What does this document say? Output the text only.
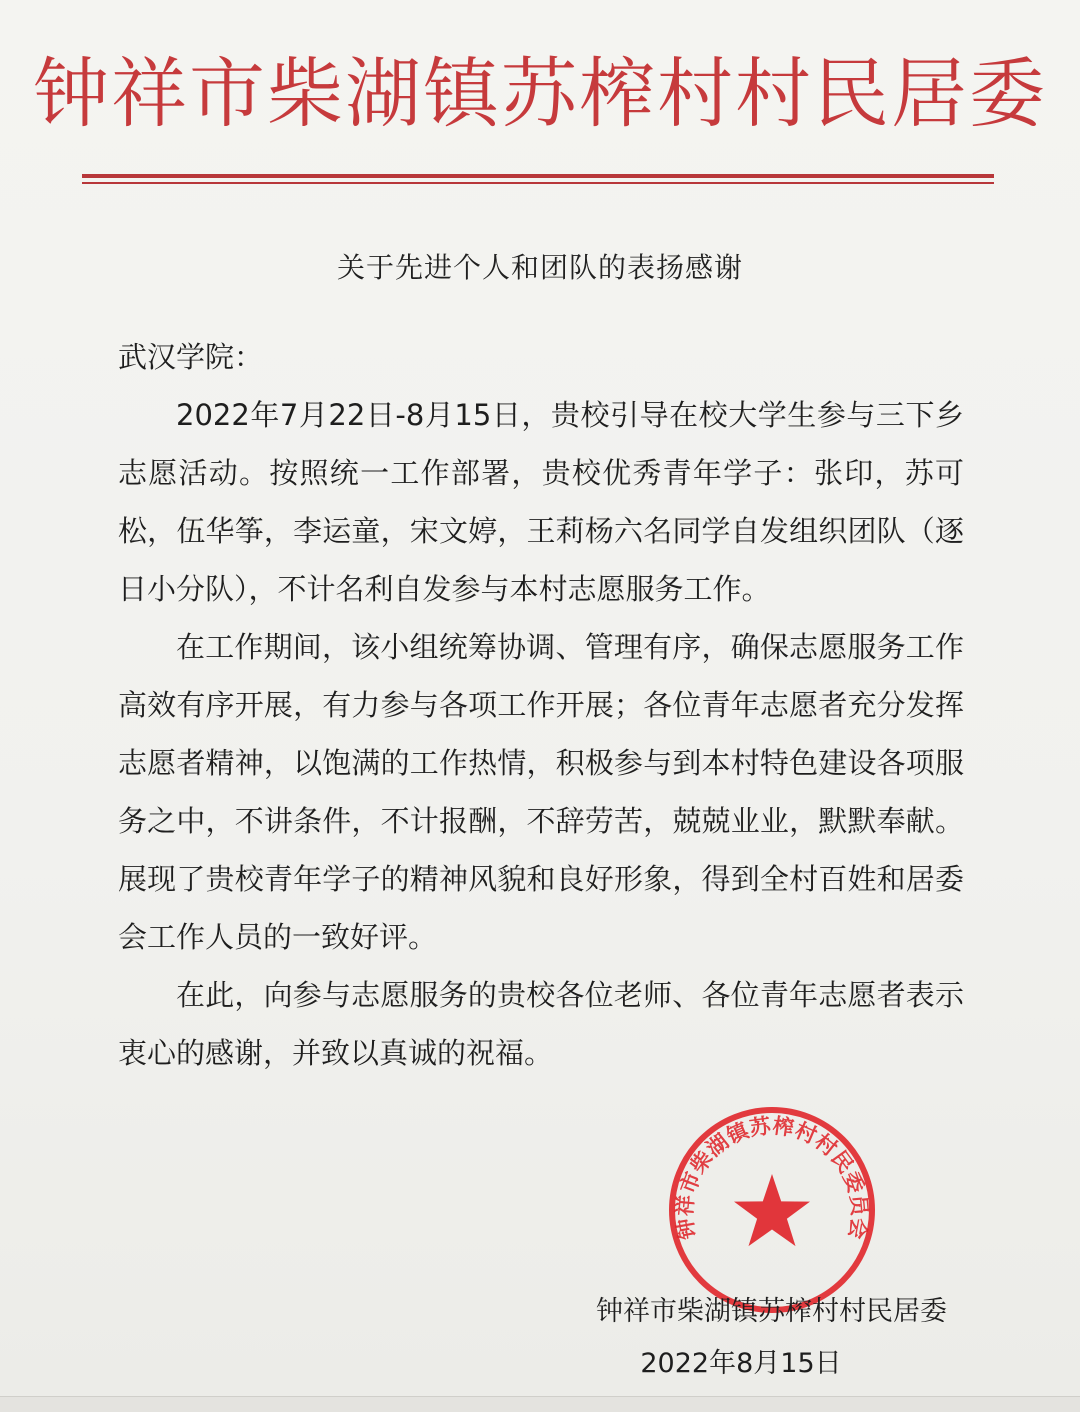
钟祥市柴湖镇苏榨村村民居委
关于先进个人和团队的表扬感谢

武汉学院：

2022年7月22日-8月15日，贵校引导在校大学生参与三下乡志愿活动。按照统一工作部署，贵校优秀青年学子：张印，苏可松，伍华筝，李运童，宋文婷，王莉杨六名同学自发组织团队（逐日小分队），不计名利自发参与本村志愿服务工作。

在工作期间，该小组统筹协调、管理有序，确保志愿服务工作高效有序开展，有力参与各项工作开展；各位青年志愿者充分发挥志愿者精神，以饱满的工作热情，积极参与到本村特色建设各项服务之中，不讲条件，不计报酬，不辞劳苦，兢兢业业，默默奉献。展现了贵校青年学子的精神风貌和良好形象，得到全村百姓和居委会工作人员的一致好评。

在此，向参与志愿服务的贵校各位老师、各位青年志愿者表示衷心的感谢，并致以真诚的祝福。

钟祥市柴湖镇苏榨村村民委员会
钟祥市柴湖镇苏榨村村民居委
2022年8月15日
